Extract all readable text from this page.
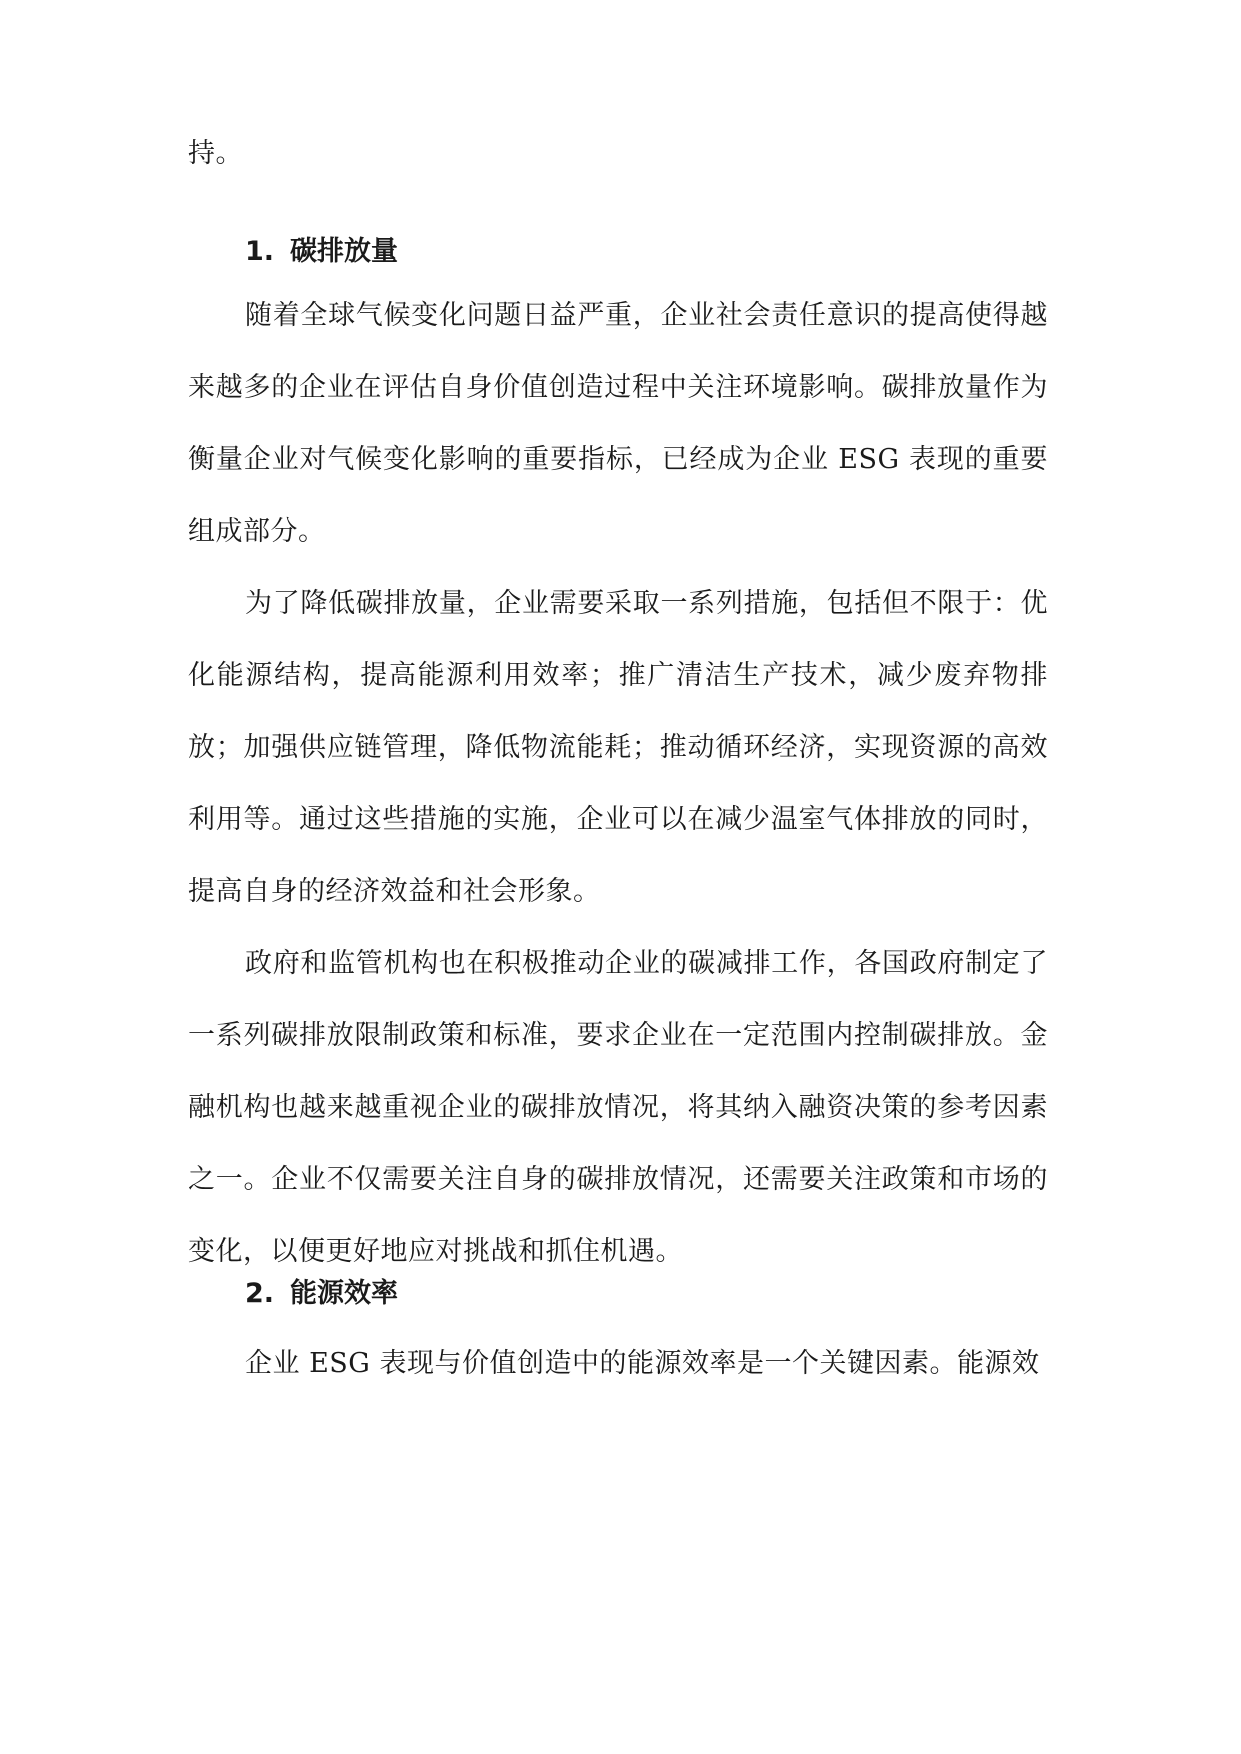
持。

1. 碳排放量

随着全球气候变化问题日益严重，企业社会责任意识的提高使得越来越多的企业在评估自身价值创造过程中关注环境影响。碳排放量作为衡量企业对气候变化影响的重要指标，已经成为企业 ESG 表现的重要组成部分。

为了降低碳排放量，企业需要采取一系列措施，包括但不限于：优化能源结构，提高能源利用效率；推广清洁生产技术，减少废弃物排放；加强供应链管理，降低物流能耗；推动循环经济，实现资源的高效利用等。通过这些措施的实施，企业可以在减少温室气体排放的同时，提高自身的经济效益和社会形象。

政府和监管机构也在积极推动企业的碳减排工作，各国政府制定了一系列碳排放限制政策和标准，要求企业在一定范围内控制碳排放。金融机构也越来越重视企业的碳排放情况，将其纳入融资决策的参考因素之一。企业不仅需要关注自身的碳排放情况，还需要关注政策和市场的变化，以便更好地应对挑战和抓住机遇。

2. 能源效率

企业 ESG 表现与价值创造中的能源效率是一个关键因素。能源效
